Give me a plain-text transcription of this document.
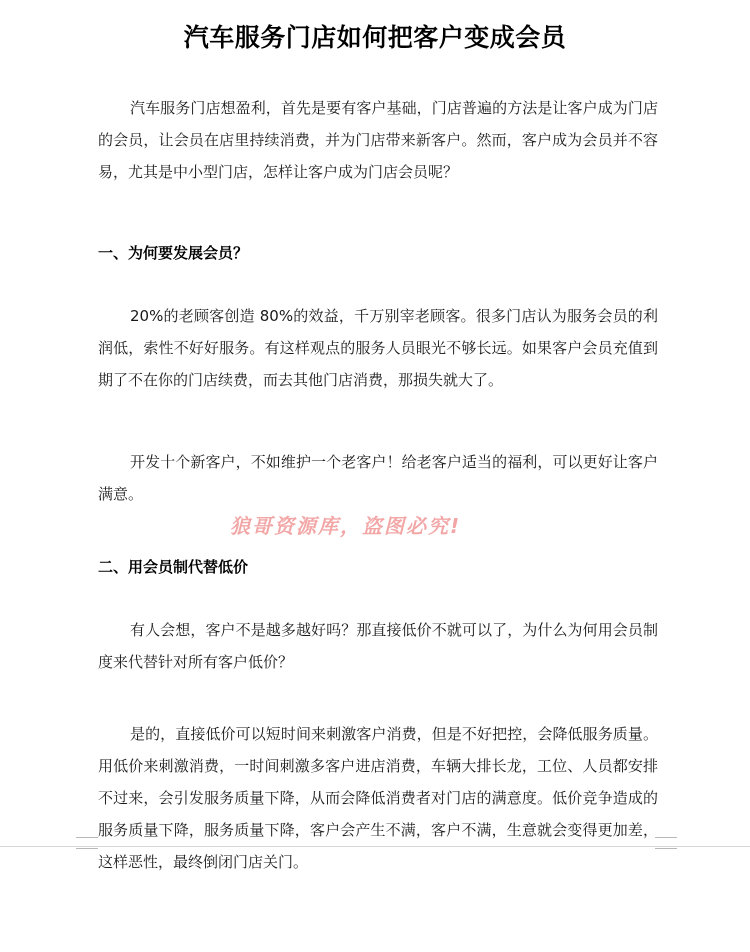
汽车服务门店如何把客户变成会员
汽车服务门店想盈利，首先是要有客户基础，门店普遍的方法是让客户成为门店的会员，让会员在店里持续消费，并为门店带来新客户。然而，客户成为会员并不容易，尤其是中小型门店，怎样让客户成为门店会员呢？
一、为何要发展会员？
20%的老顾客创造 80%的效益，千万别宰老顾客。很多门店认为服务会员的利润低，索性不好好服务。有这样观点的服务人员眼光不够长远。如果客户会员充值到期了不在你的门店续费，而去其他门店消费，那损失就大了。
开发十个新客户，不如维护一个老客户！给老客户适当的福利，可以更好让客户满意。
狼哥资源库，盗图必究!
二、用会员制代替低价
有人会想，客户不是越多越好吗？那直接低价不就可以了，为什么为何用会员制度来代替针对所有客户低价？
是的，直接低价可以短时间来刺激客户消费，但是不好把控，会降低服务质量。用低价来刺激消费，一时间刺激多客户进店消费，车辆大排长龙，工位、人员都安排不过来，会引发服务质量下降，从而会降低消费者对门店的满意度。低价竞争造成的服务质量下降，服务质量下降，客户会产生不满，客户不满，生意就会变得更加差，这样恶性，最终倒闭门店关门。
